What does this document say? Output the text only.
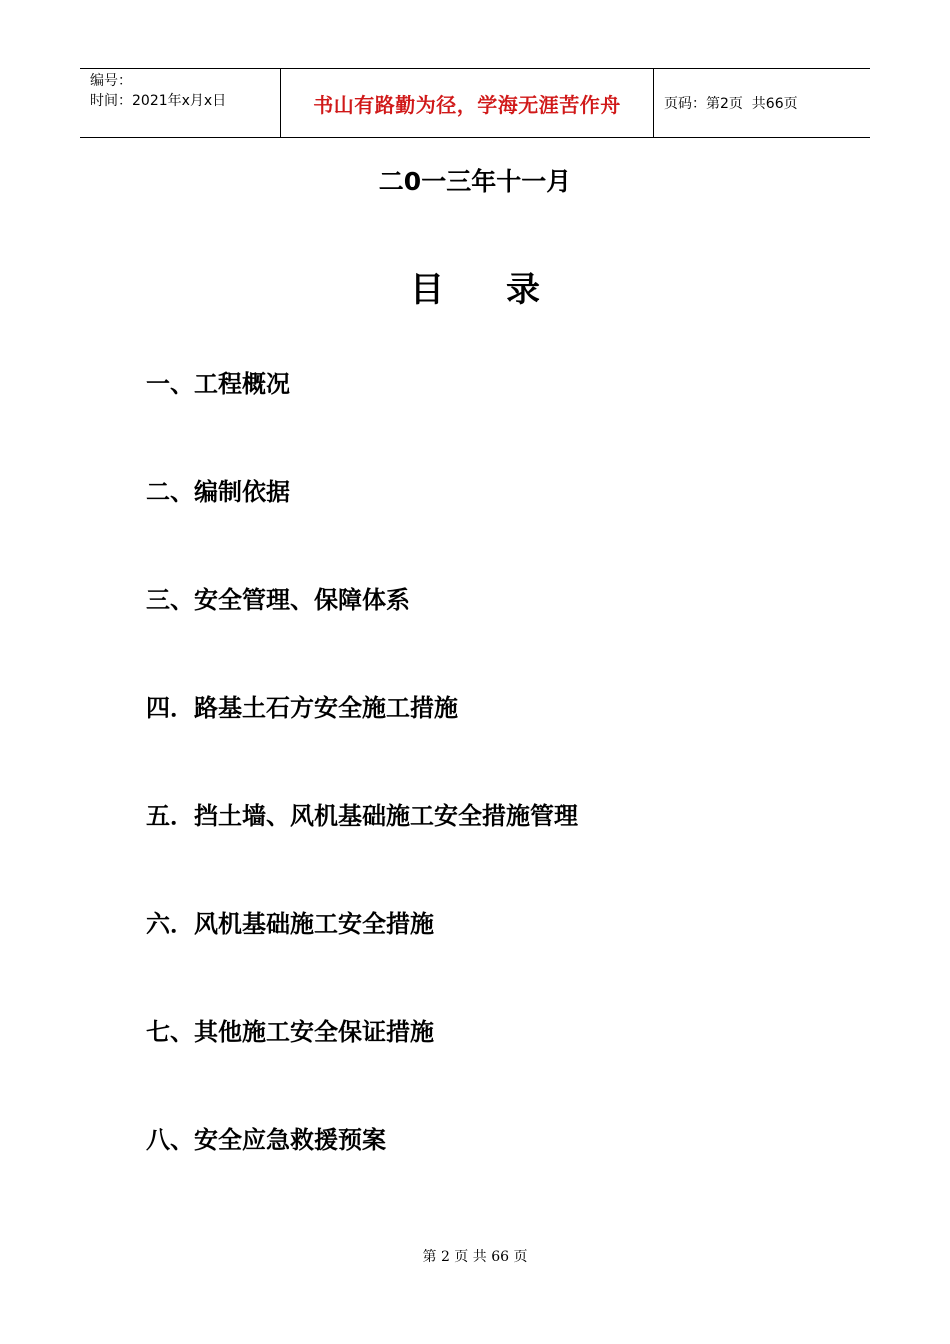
编号：
时间：2021年x月x日	书山有路勤为径，学海无涯苦作舟	页码：第2页  共66页
二0一三年十一月
目 录
一、工程概况
二、编制依据
三、安全管理、保障体系
四．路基土石方安全施工措施
五．挡土墙、风机基础施工安全措施管理
六．风机基础施工安全措施
七、其他施工安全保证措施
八、安全应急救援预案
第 2 页 共 66 页
